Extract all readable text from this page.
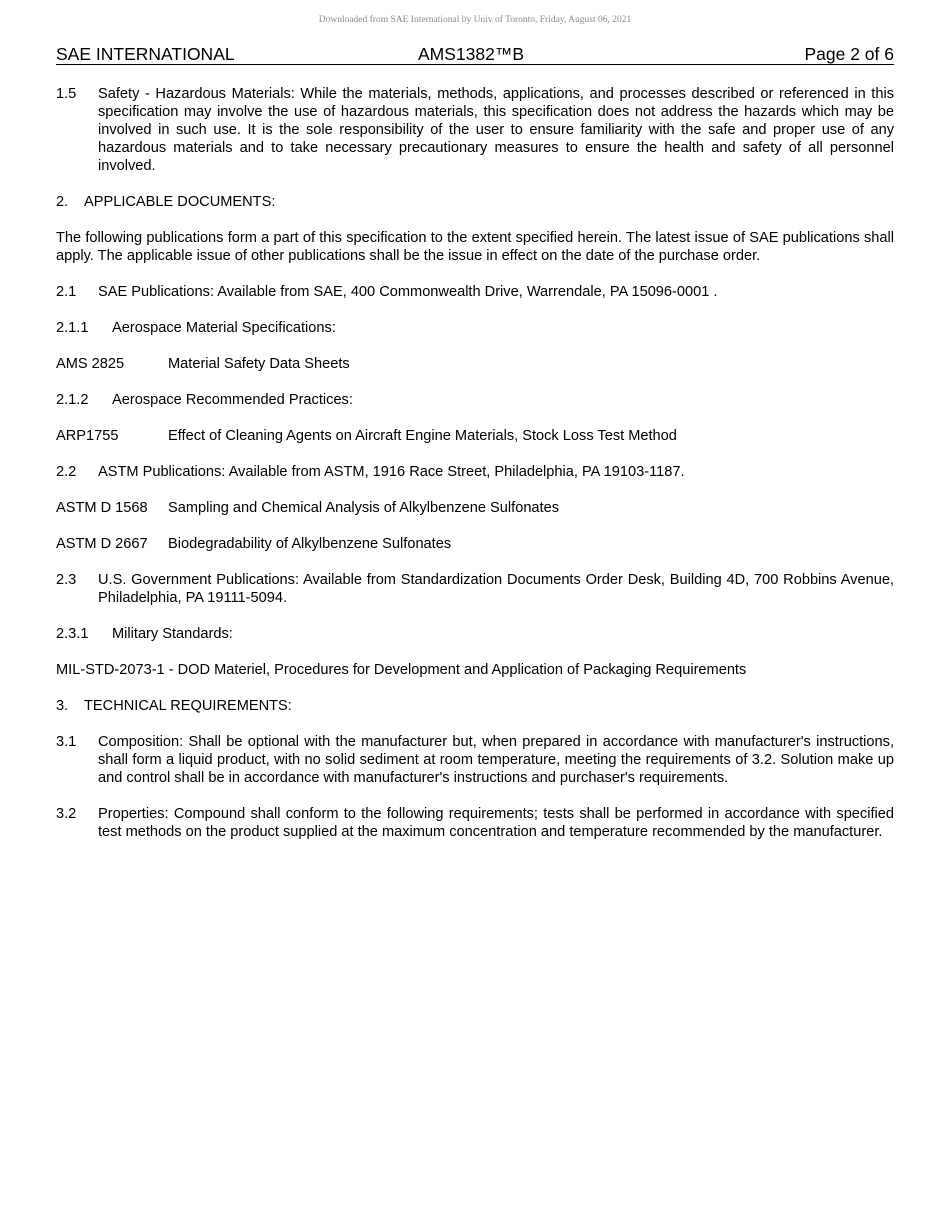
Downloaded from SAE International by Univ of Toronto, Friday, August 06, 2021
SAE INTERNATIONAL	AMS1382™B	Page 2 of 6
1.5	Safety - Hazardous Materials: While the materials, methods, applications, and processes described or referenced in this specification may involve the use of hazardous materials, this specification does not address the hazards which may be involved in such use. It is the sole responsibility of the user to ensure familiarity with the safe and proper use of any hazardous materials and to take necessary precautionary measures to ensure the health and safety of all personnel involved.
2. APPLICABLE DOCUMENTS:
The following publications form a part of this specification to the extent specified herein. The latest issue of SAE publications shall apply. The applicable issue of other publications shall be the issue in effect on the date of the purchase order.
2.1	SAE Publications: Available from SAE, 400 Commonwealth Drive, Warrendale, PA 15096-0001 .
2.1.1	Aerospace Material Specifications:
AMS 2825	Material Safety Data Sheets
2.1.2	Aerospace Recommended Practices:
ARP1755	Effect of Cleaning Agents on Aircraft Engine Materials, Stock Loss Test Method
2.2	ASTM Publications: Available from ASTM, 1916 Race Street, Philadelphia, PA 19103-1187.
ASTM D 1568	Sampling and Chemical Analysis of Alkylbenzene Sulfonates
ASTM D 2667	Biodegradability of Alkylbenzene Sulfonates
2.3	U.S. Government Publications: Available from Standardization Documents Order Desk, Building 4D, 700 Robbins Avenue, Philadelphia, PA 19111-5094.
2.3.1	Military Standards:
MIL-STD-2073-1 - DOD Materiel, Procedures for Development and Application of Packaging Requirements
3. TECHNICAL REQUIREMENTS:
3.1	Composition: Shall be optional with the manufacturer but, when prepared in accordance with manufacturer's instructions, shall form a liquid product, with no solid sediment at room temperature, meeting the requirements of 3.2. Solution make up and control shall be in accordance with manufacturer's instructions and purchaser's requirements.
3.2	Properties: Compound shall conform to the following requirements; tests shall be performed in accordance with specified test methods on the product supplied at the maximum concentration and temperature recommended by the manufacturer.
